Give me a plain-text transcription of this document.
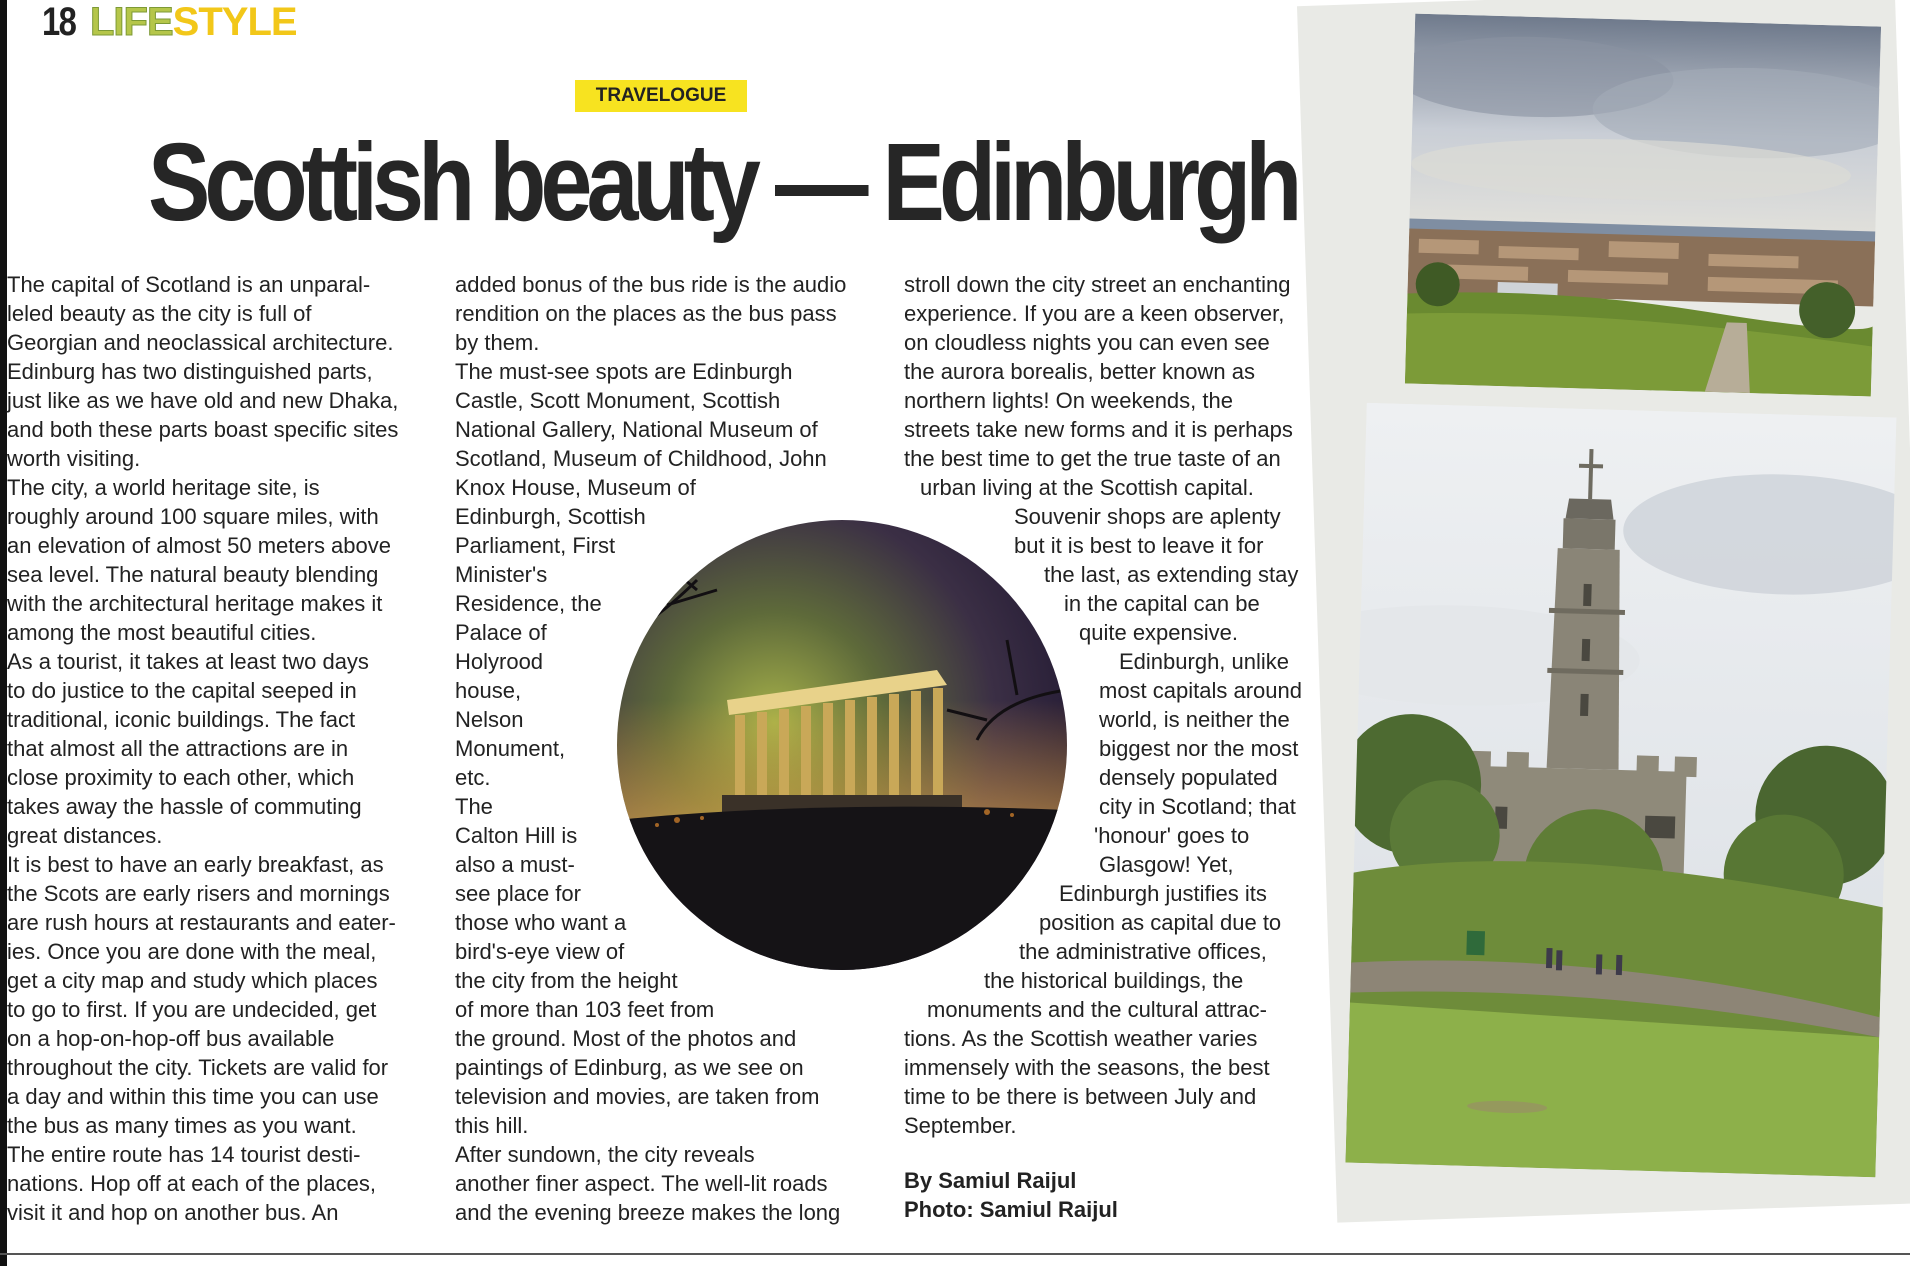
18 LIFESTYLE
TRAVELOGUE
Scottish beauty — Edinburgh
The capital of Scotland is an unparal-
leled beauty as the city is full of
Georgian and neoclassical architecture.
Edinburg has two distinguished parts,
just like as we have old and new Dhaka,
and both these parts boast specific sites
worth visiting.
The city, a world heritage site, is
roughly around 100 square miles, with
an elevation of almost 50 meters above
sea level. The natural beauty blending
with the architectural heritage makes it
among the most beautiful cities.
As a tourist, it takes at least two days
to do justice to the capital seeped in
traditional, iconic buildings. The fact
that almost all the attractions are in
close proximity to each other, which
takes away the hassle of commuting
great distances.
It is best to have an early breakfast, as
the Scots are early risers and mornings
are rush hours at restaurants and eater-
ies. Once you are done with the meal,
get a city map and study which places
to go to first. If you are undecided, get
on a hop-on-hop-off bus available
throughout the city. Tickets are valid for
a day and within this time you can use
the bus as many times as you want.
The entire route has 14 tourist desti-
nations. Hop off at each of the places,
visit it and hop on another bus. An
added bonus of the bus ride is the audio
rendition on the places as the bus pass
by them.
The must-see spots are Edinburgh
Castle, Scott Monument, Scottish
National Gallery, National Museum of
Scotland, Museum of Childhood, John
Knox House, Museum of
Edinburgh, Scottish
Parliament, First
Minister's
Residence, the
Palace of
Holyrood
house,
Nelson
Monument,
etc.
The
Calton Hill is
also a must-
see place for
those who want a
bird's-eye view of
the city from the height
of more than 103 feet from
the ground. Most of the photos and
paintings of Edinburg, as we see on
television and movies, are taken from
this hill.
After sundown, the city reveals
another finer aspect. The well-lit roads
and the evening breeze makes the long
stroll down the city street an enchanting
experience. If you are a keen observer,
on cloudless nights you can even see
the aurora borealis, better known as
northern lights! On weekends, the
streets take new forms and it is perhaps
the best time to get the true taste of an
urban living at the Scottish capital.
Souvenir shops are aplenty
but it is best to leave it for
the last, as extending stay
in the capital can be
quite expensive.
Edinburgh, unlike
most capitals around
world, is neither the
biggest nor the most
densely populated
city in Scotland; that
'honour' goes to
Glasgow! Yet,
Edinburgh justifies its
position as capital due to
the administrative offices,
the historical buildings, the
monuments and the cultural attrac-
tions. As the Scottish weather varies
immensely with the seasons, the best
time to be there is between July and
September.
By Samiul Raijul
Photo: Samiul Raijul
